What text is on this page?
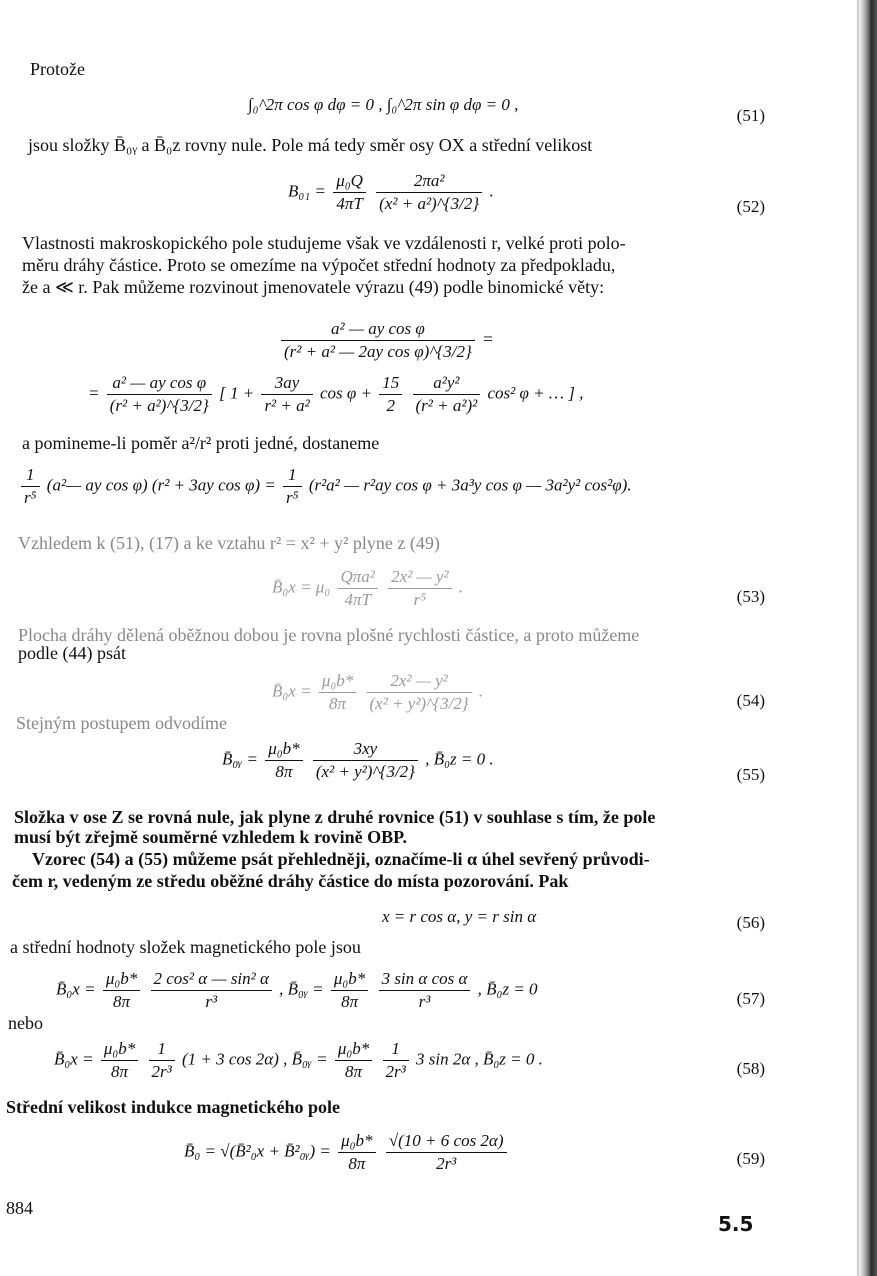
Protože
∫₀^2π cos φ dφ = 0 , ∫₀^2π sin φ dφ = 0 ,
(51)
jsou složky B̄₀ᵧ a B̄₀z rovny nule. Pole má tedy směr osy OX a střední velikost
$B_{01} = \frac{\text{μ₀Q}}{4\pi T}$
$\frac{\text{2πa²}}{\text{(x² + a²)\textasciicircum{}\{3/2\}}}$ .
(52)
Vlastnosti makroskopického pole studujeme však ve vzdálenosti r, velké proti polo-
měru dráhy částice. Proto se omezíme na výpočet střední hodnoty za předpokladu,
že a ≪ r. Pak můžeme rozvinout jmenovatele výrazu (49) podle binomické věty:
$\frac{\text{a² — ay cos φ}}{\text{(r² + a² — 2ay cos φ)\textasciicircum{}\{3/2\}}}$ =
= $\frac{\text{a² — ay cos φ}}{\text{(r² + a²)\textasciicircum{}\{3/2\}}}$ [ $1 + \frac{3ay}{\text{r² + a²}}$ $\cos \varphi + \frac{15}{2}$
$\frac{\text{a²y²}}{\text{(r² + a²)²}} \cos^2$ φ + … ] ,
a pomineme-li poměr a²/r² proti jedné, dostaneme
$\frac{1}{\text{r⁵}}$ (a²— ay cos φ) (r² + 3ay $\cos \varphi) = \frac{1}{\text{r⁵}} (r^2a^2$ — r²ay cos φ + 3a³y cos φ — 3a²y² cos²φ).
Vzhledem k (51), (17) a ke vztahu r² = x² + y² plyne z (49)
B̄₀x = $\mu_0 \frac{\text{Qπa²}}{4\pi T}$
$\frac{\text{2x² — y²}}{\text{r⁵}}$ .
(53)
Plocha dráhy dělená oběžnou dobou je rovna plošné rychlosti částice, a proto můžeme
podle (44) psát
B̄₀x = $\frac{\text{μ₀b*}}{8\pi}$
$\frac{\text{2x² — y²}}{\text{(x² + y²)\textasciicircum{}\{3/2\}}}$ .
(54)
Stejným postupem odvodíme
B̄₀ᵧ = $\frac{\text{μ₀b*}}{8\pi}$
$\frac{3xy}{\text{(x² + y²)\textasciicircum{}\{3/2\}}}$ , B̄₀z = 0 .
(55)
Složka v ose Z se rovná nule, jak plyne z druhé rovnice (51) v souhlase s tím, že pole
musí být zřejmě souměrné vzhledem k rovině OBP.
Vzorec (54) a (55) můžeme psát přehledněji, označíme-li α úhel sevřený průvodi-
čem r, vedeným ze středu oběžné dráhy částice do místa pozorování. Pak
x = r cos α, y = r sin α	(56)
a střední hodnoty složek magnetického pole jsou
B̄₀x = $\frac{\text{μ₀b*}}{8\pi}$
$\frac{\text{2 cos² α — sin² α}}{\text{r³}}$ , B̄₀ᵧ = $\frac{\text{μ₀b*}}{8\pi}$
$\frac{\text{3 sin α cos α}}{\text{r³}}$ , B̄₀z = 0
(57)
nebo
B̄₀x = $\frac{\text{μ₀b*}}{8\pi}$
$\frac{1}{\text{2r³}} (1 + 3$ cos 2α) , B̄₀ᵧ = $\frac{\text{μ₀b*}}{8\pi}$
$\frac{1}{\text{2r³}} 3$ sin 2α , B̄₀z = 0 .
(58)
Střední velikost indukce magnetického pole
B̄₀ = √(B̄²₀x + B̄²₀ᵧ) = $\frac{\text{μ₀b*}}{8\pi}$
$\frac{√(10 + 6 \cos 2\alpha)}{\text{2r³}}$	(59)
884
5.5
